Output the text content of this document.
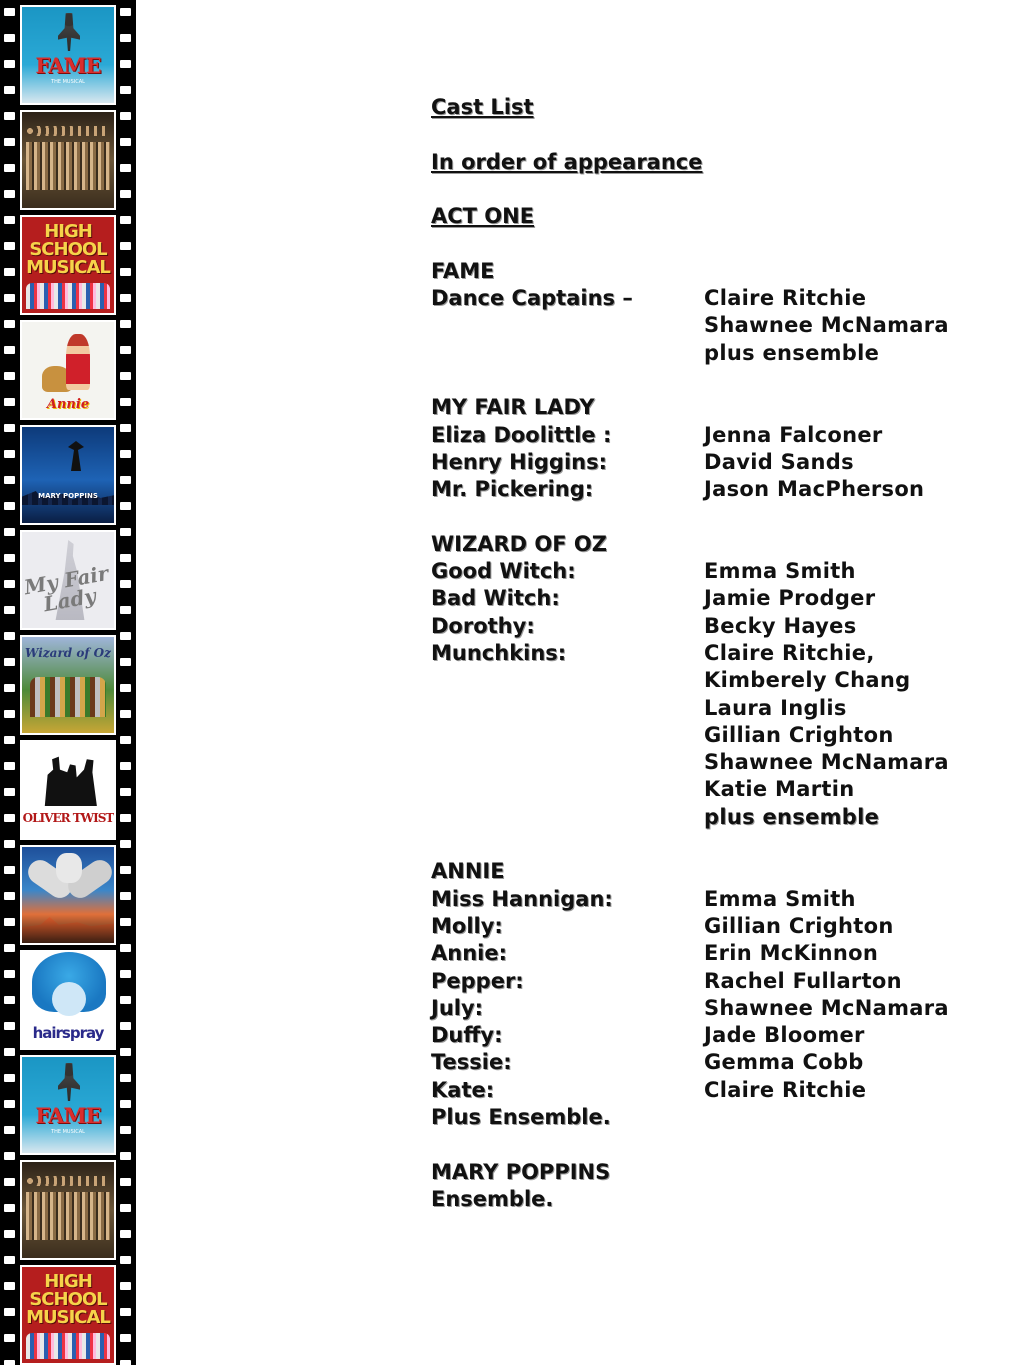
FAME
THE MUSICAL
HIGH SCHOOL MUSICAL
Annie
MARY POPPINS
My Fair Lady
Wizard of Oz
OLIVER TWIST
hairspray
FAME
THE MUSICAL
HIGH SCHOOL MUSICAL
Cast List
In order of appearance
ACT ONE
FAME
Dance Captains –	Claire Ritchie
Shawnee McNamara
plus ensemble
MY FAIR LADY
Eliza Doolittle :	Jenna Falconer
Henry Higgins:	David Sands
Mr. Pickering:	Jason MacPherson
WIZARD OF OZ
Good Witch:	Emma Smith
Bad Witch:	Jamie Prodger
Dorothy:	Becky Hayes
Munchkins:	Claire Ritchie,
Kimberely Chang
Laura Inglis
Gillian Crighton
Shawnee McNamara
Katie Martin
plus ensemble
ANNIE
Miss Hannigan:	Emma Smith
Molly:	Gillian Crighton
Annie:	Erin McKinnon
Pepper:	Rachel Fullarton
July:	Shawnee McNamara
Duffy:	Jade Bloomer
Tessie:	Gemma Cobb
Kate:	Claire Ritchie
Plus Ensemble.
MARY POPPINS
Ensemble.
